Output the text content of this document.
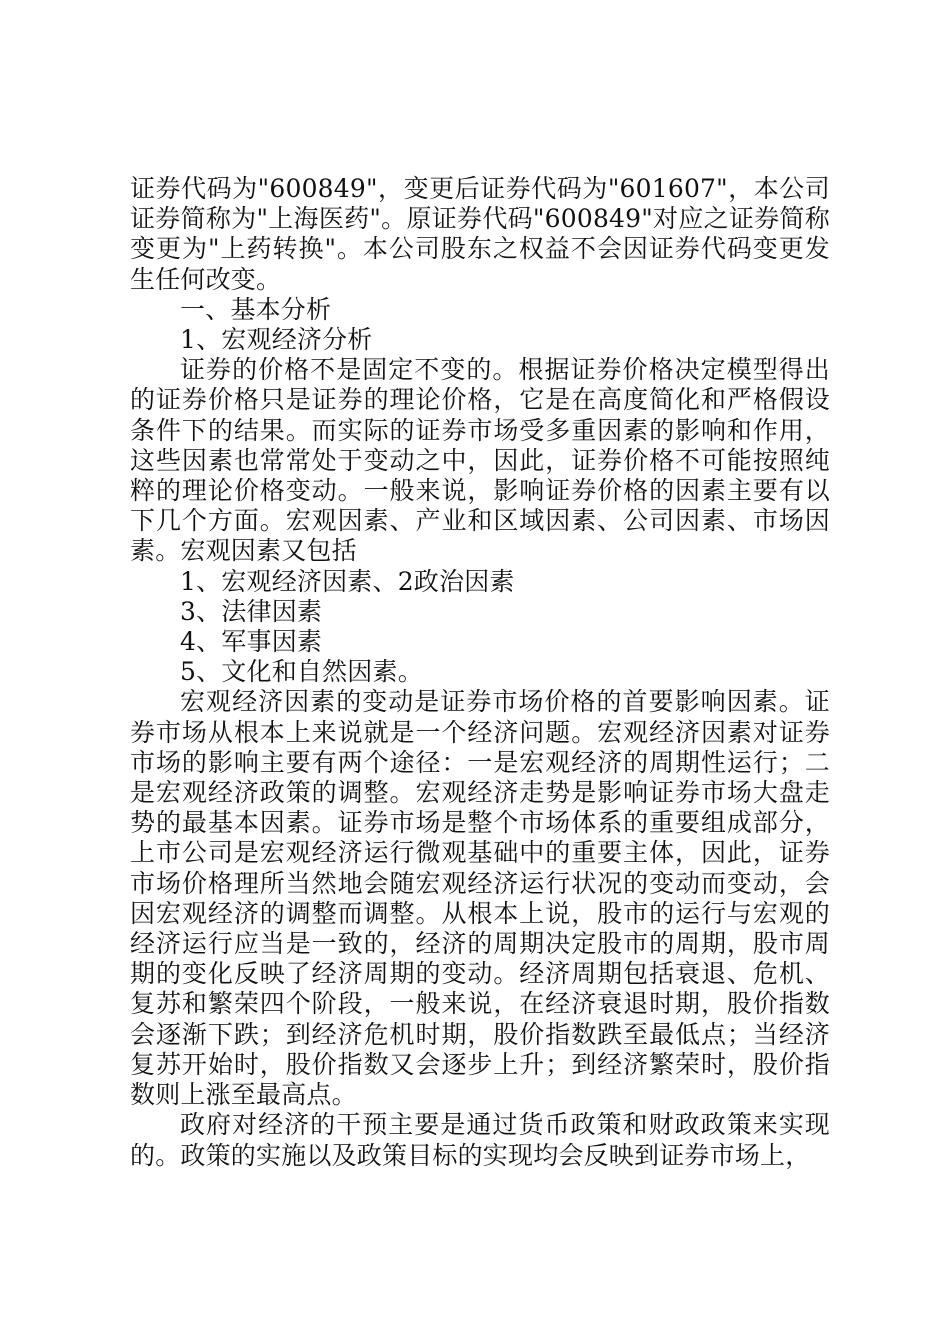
证券代码为"600849"，变更后证券代码为"601607"，本公司证券简称为"上海医药"。原证券代码"600849"对应之证券简称变更为"上药转换"。本公司股东之权益不会因证券代码变更发生任何改变。

一、基本分析

1、宏观经济分析

证券的价格不是固定不变的。根据证券价格决定模型得出的证券价格只是证券的理论价格，它是在高度简化和严格假设条件下的结果。而实际的证券市场受多重因素的影响和作用，这些因素也常常处于变动之中，因此，证券价格不可能按照纯粹的理论价格变动。一般来说，影响证券价格的因素主要有以下几个方面。宏观因素、产业和区域因素、公司因素、市场因素。宏观因素又包括

1、宏观经济因素、2政治因素

3、法律因素

4、军事因素

5、文化和自然因素。

宏观经济因素的变动是证券市场价格的首要影响因素。证券市场从根本上来说就是一个经济问题。宏观经济因素对证券市场的影响主要有两个途径：一是宏观经济的周期性运行；二是宏观经济政策的调整。宏观经济走势是影响证券市场大盘走势的最基本因素。证券市场是整个市场体系的重要组成部分，上市公司是宏观经济运行微观基础中的重要主体，因此，证券市场价格理所当然地会随宏观经济运行状况的变动而变动，会因宏观经济的调整而调整。从根本上说，股市的运行与宏观的经济运行应当是一致的，经济的周期决定股市的周期，股市周期的变化反映了经济周期的变动。经济周期包括衰退、危机、复苏和繁荣四个阶段，一般来说，在经济衰退时期，股价指数会逐渐下跌；到经济危机时期，股价指数跌至最低点；当经济复苏开始时，股价指数又会逐步上升；到经济繁荣时，股价指数则上涨至最高点。

政府对经济的干预主要是通过货币政策和财政政策来实现的。政策的实施以及政策目标的实现均会反映到证券市场上，
